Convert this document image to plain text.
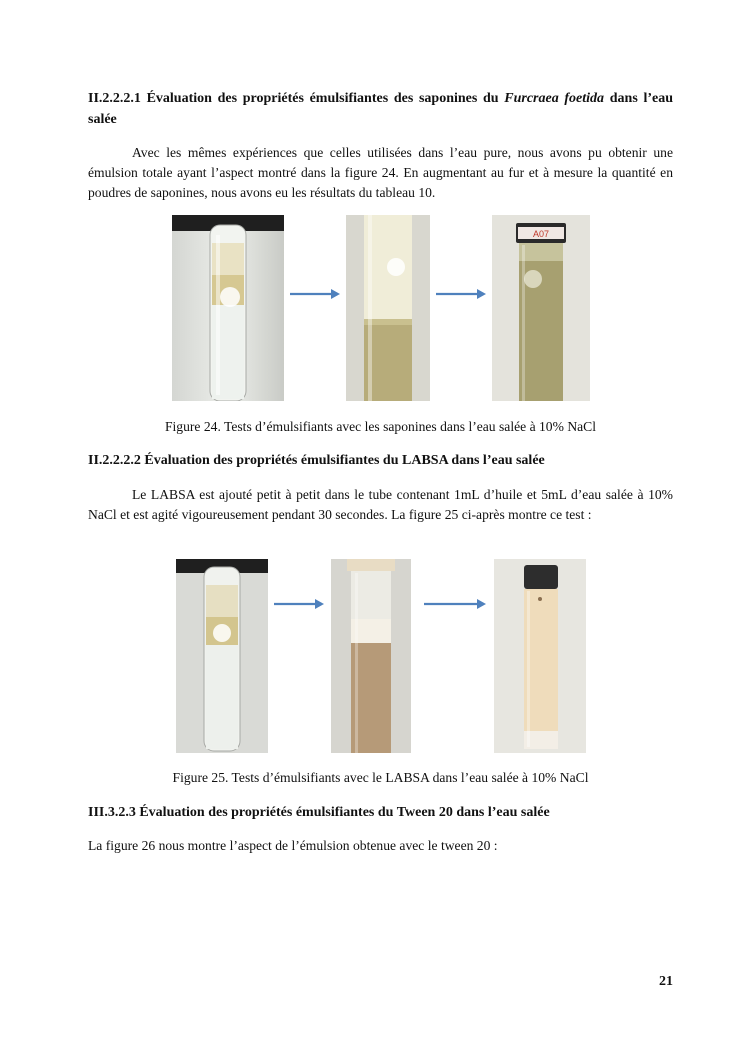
II.2.2.2.1 Évaluation des propriétés émulsifiantes des saponines du Furcraea foetida dans l’eau salée
Avec les mêmes expériences que celles utilisées dans l’eau pure, nous avons pu obtenir une émulsion totale ayant l’aspect montré dans la figure 24. En augmentant au fur et à mesure la quantité en poudres de saponines, nous avons eu les résultats du tableau 10.
A07
Figure 24. Tests d’émulsifiants avec les saponines dans l’eau salée à 10% NaCl
II.2.2.2.2 Évaluation des propriétés émulsifiantes du LABSA dans l’eau salée
Le LABSA est ajouté petit à petit dans le tube contenant 1mL d’huile et 5mL d’eau salée à 10% NaCl et est agité vigoureusement pendant 30 secondes. La figure 25 ci-après montre ce test :
Figure 25. Tests d’émulsifiants avec le LABSA dans l’eau salée à 10% NaCl
III.3.2.3 Évaluation des propriétés émulsifiantes du Tween 20 dans l’eau salée
La figure 26 nous montre l’aspect de l’émulsion obtenue avec le tween 20 :
21
